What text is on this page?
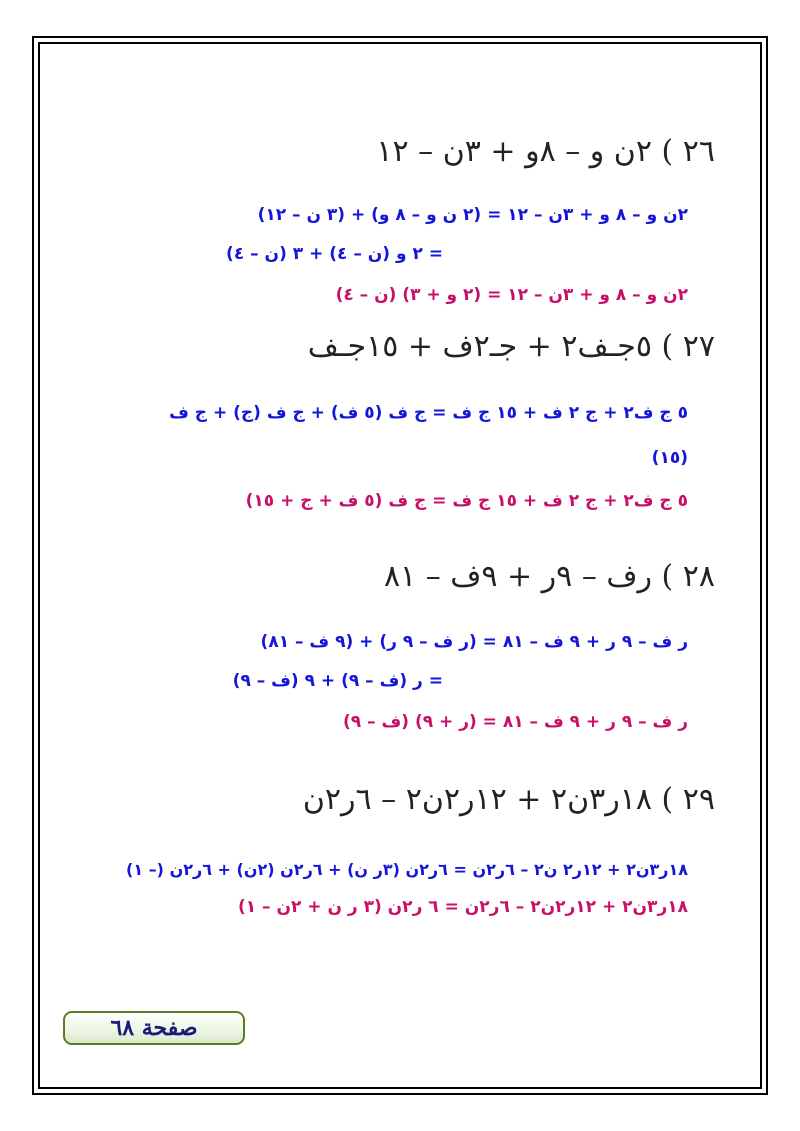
٢٦ ) ٢ن و – ٨و + ٣ن – ١٢
٢ن و – ٨ و + ٣ن – ١٢ = (٢ ن و – ٨ و) + (٣ ن – ١٢)
= ٢ و (ن – ٤) + ٣ (ن – ٤)
٢ن و – ٨ و + ٣ن – ١٢ = (٢ و + ٣) (ن – ٤)
٢٧ ) ٥جـف٢ + جـ٢ف + ١٥جـف
٥ ج ف٢ + ج ٢ ف + ١٥ ج ف = ج ف (٥ ف) + ج ف (ج) + ج ف
(١٥)
٥ ج ف٢ + ج ٢ ف + ١٥ ج ف = ج ف (٥ ف + ج + ١٥)
٢٨ ) رف – ٩ر + ٩ف – ٨١
ر ف – ٩ ر + ٩ ف – ٨١ = (ر ف – ٩ ر) + (٩ ف – ٨١)
= ر (ف – ٩) + ٩ (ف – ٩)
ر ف – ٩ ر + ٩ ف – ٨١ = (ر + ٩) (ف – ٩)
٢٩ ) ١٨ر٣ن٢ + ١٢ر٢ن٢ – ٦ر٢ن
١٨ر٣ن٢ + ١٢ر٢ ن٢ – ٦ر٢ن = ٦ر٢ن (٣ر ن) + ٦ر٢ن (٢ن) + ٦ر٢ن (– ١)
١٨ر٣ن٢ + ١٢ر٢ن٢ – ٦ر٢ن = ٦ ر٢ن (٣ ر ن + ٢ن – ١)
صفحة ٦٨
